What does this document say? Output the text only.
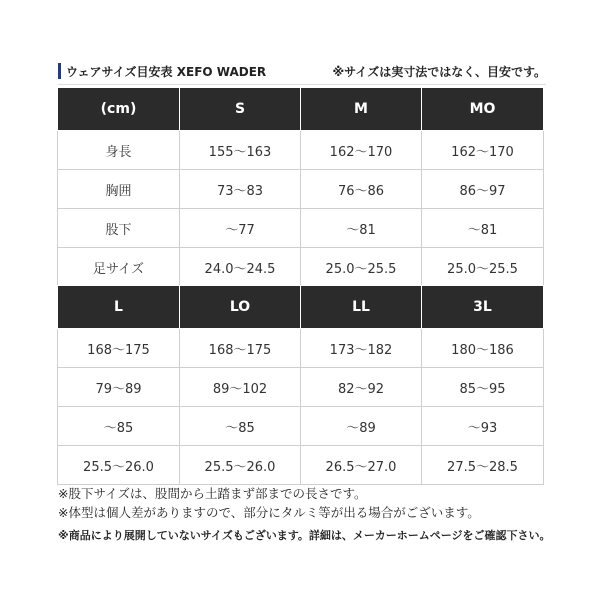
ウェアサイズ目安表 XEFO WADER	※サイズは実寸法ではなく、目安です。
(cm)	S	M	MO
身長	155～163	162～170	162～170
胸囲	73～83	76～86	86～97
股下	～77	～81	～81
足サイズ	24.0～24.5	25.0～25.5	25.0～25.5
L	LO	LL	3L
168～175	168～175	173～182	180～186
79～89	89～102	82～92	85～95
～85	～85	～89	～93
25.5～26.0	25.5～26.0	26.5～27.0	27.5～28.5
※股下サイズは、股間から土踏まず部までの長さです。
※体型は個人差がありますので、部分にタルミ等が出る場合がございます。
※商品により展開していないサイズもございます。詳細は、メーカーホームページをご確認下さい。
